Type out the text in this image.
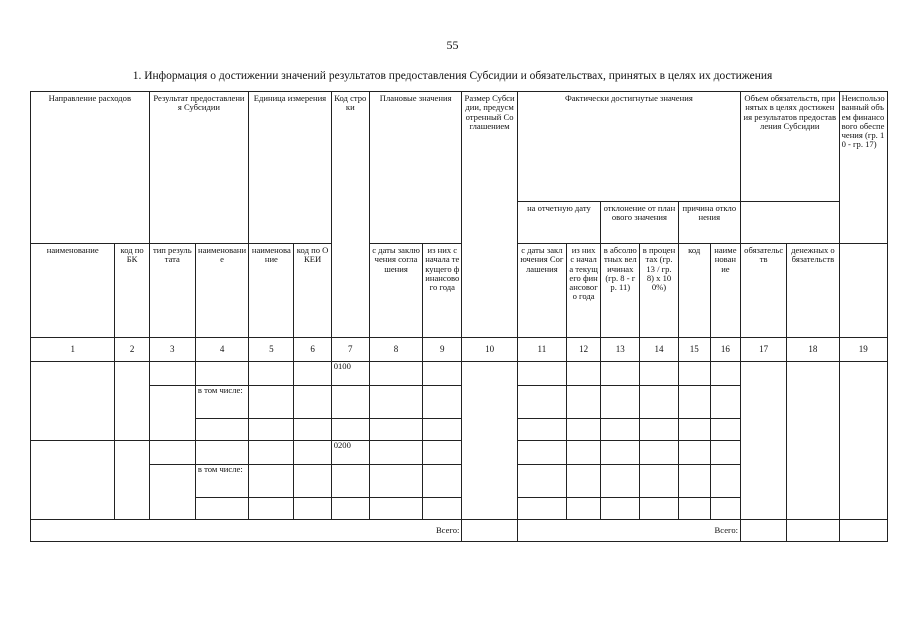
55
1. Информация о достижении значений результатов предоставления Субсидии и обязательствах, принятых в целях их достижения
Направление расходов		Результат предоставления Субсидии		Единица измерения		Код строки	Плановые значения		Размер Субсидии, предусмотренный Соглашением	Фактически достигнутые значения						Объем обязательств, принятых в целях достижения результатов предоставления Субсидии		Неиспользованный объем финансового обеспечения (гр. 10 - гр. 17)
										на отчетную дату		отклонение от планового значения		причина отклонения				
наименование	код по БК	тип результата	наименование	наименование	код по ОКЕИ		с даты заключения соглашения	из них с начала текущего финансового года		с даты заключения Соглашения	из них с начала текущего финансового года	в абсолютных величинах (гр. 8 - гр. 11)	в процентах (гр. 13 / гр. 8) x 100%)	код	наименование	обязательств	денежных обязательств	
1	2	3	4	5	6	7	8	9	10	11	12	13	14	15	16	17	18	19
						0100												
			в том числе:															

						0200												
			в том числе:															

Всего:										Всего:								
